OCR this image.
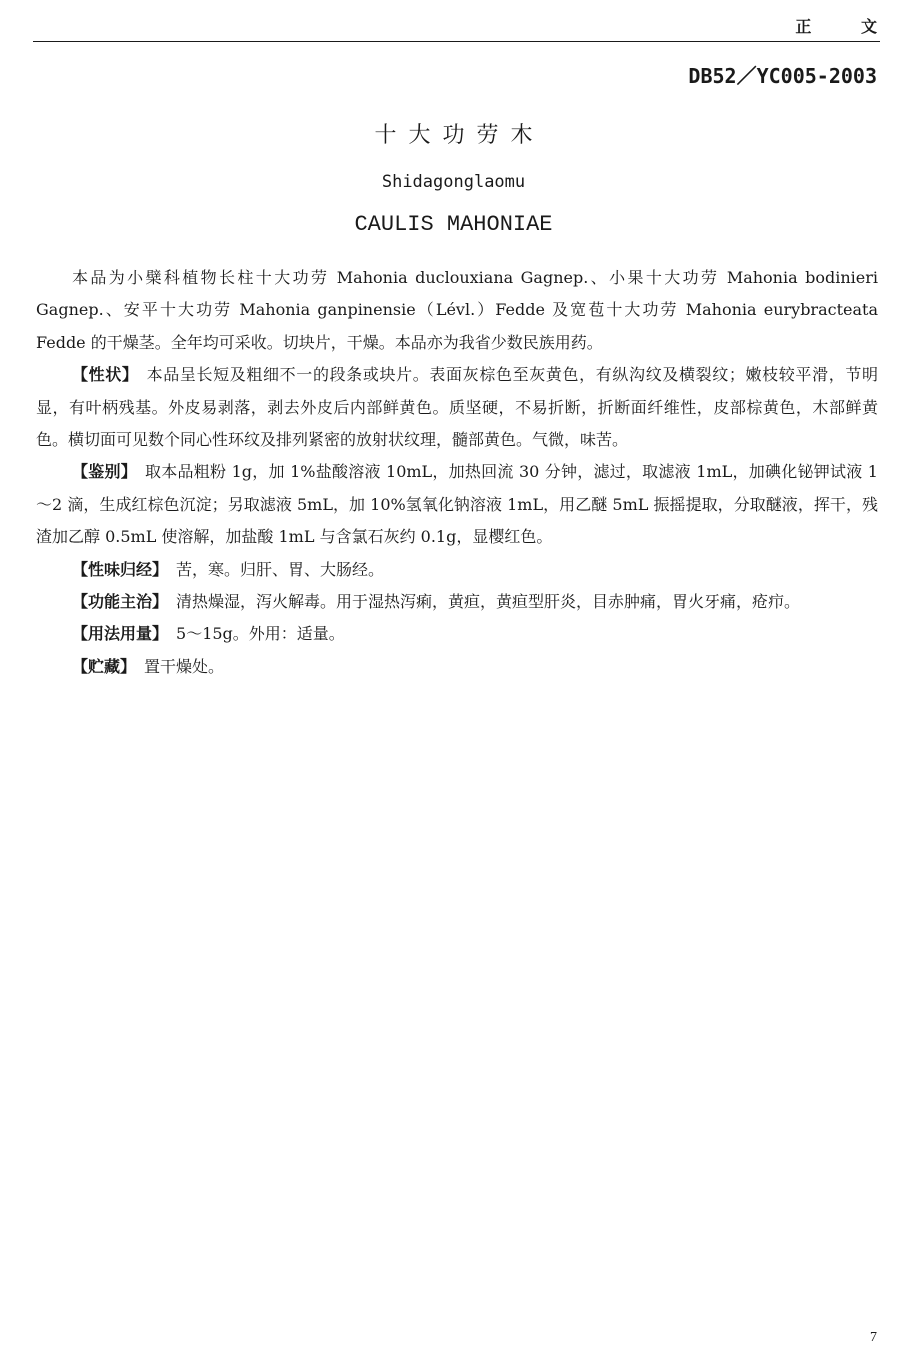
正 文
DB52／YC005-2003
十大功劳木
Shidagonglaomu
CAULIS MAHONIAE

本品为小檗科植物长柱十大功劳 Mahonia duclouxiana Gagnep.、小果十大功劳 Mahonia bodinieri Gagnep.、安平十大功劳 Mahonia ganpinensie（Lévl.）Fedde 及宽苞十大功劳 Mahonia eurybracteata Fedde 的干燥茎。全年均可采收。切块片，干燥。本品亦为我省少数民族用药。

【性状】 本品呈长短及粗细不一的段条或块片。表面灰棕色至灰黄色，有纵沟纹及横裂纹；嫩枝较平滑，节明显，有叶柄残基。外皮易剥落，剥去外皮后内部鲜黄色。质坚硬，不易折断，折断面纤维性，皮部棕黄色，木部鲜黄色。横切面可见数个同心性环纹及排列紧密的放射状纹理，髓部黄色。气微，味苦。

【鉴别】 取本品粗粉 1g，加 1%盐酸溶液 10mL，加热回流 30 分钟，滤过，取滤液 1mL，加碘化铋钾试液 1～2 滴，生成红棕色沉淀；另取滤液 5mL，加 10%氢氧化钠溶液 1mL，用乙醚 5mL 振摇提取，分取醚液，挥干，残渣加乙醇 0.5mL 使溶解，加盐酸 1mL 与含氯石灰约 0.1g，显樱红色。

【性味归经】 苦，寒。归肝、胃、大肠经。

【功能主治】 清热燥湿，泻火解毒。用于湿热泻痢，黄疸，黄疸型肝炎，目赤肿痛，胃火牙痛，疮疖。

【用法用量】 5～15g。外用：适量。

【贮藏】 置干燥处。

7
